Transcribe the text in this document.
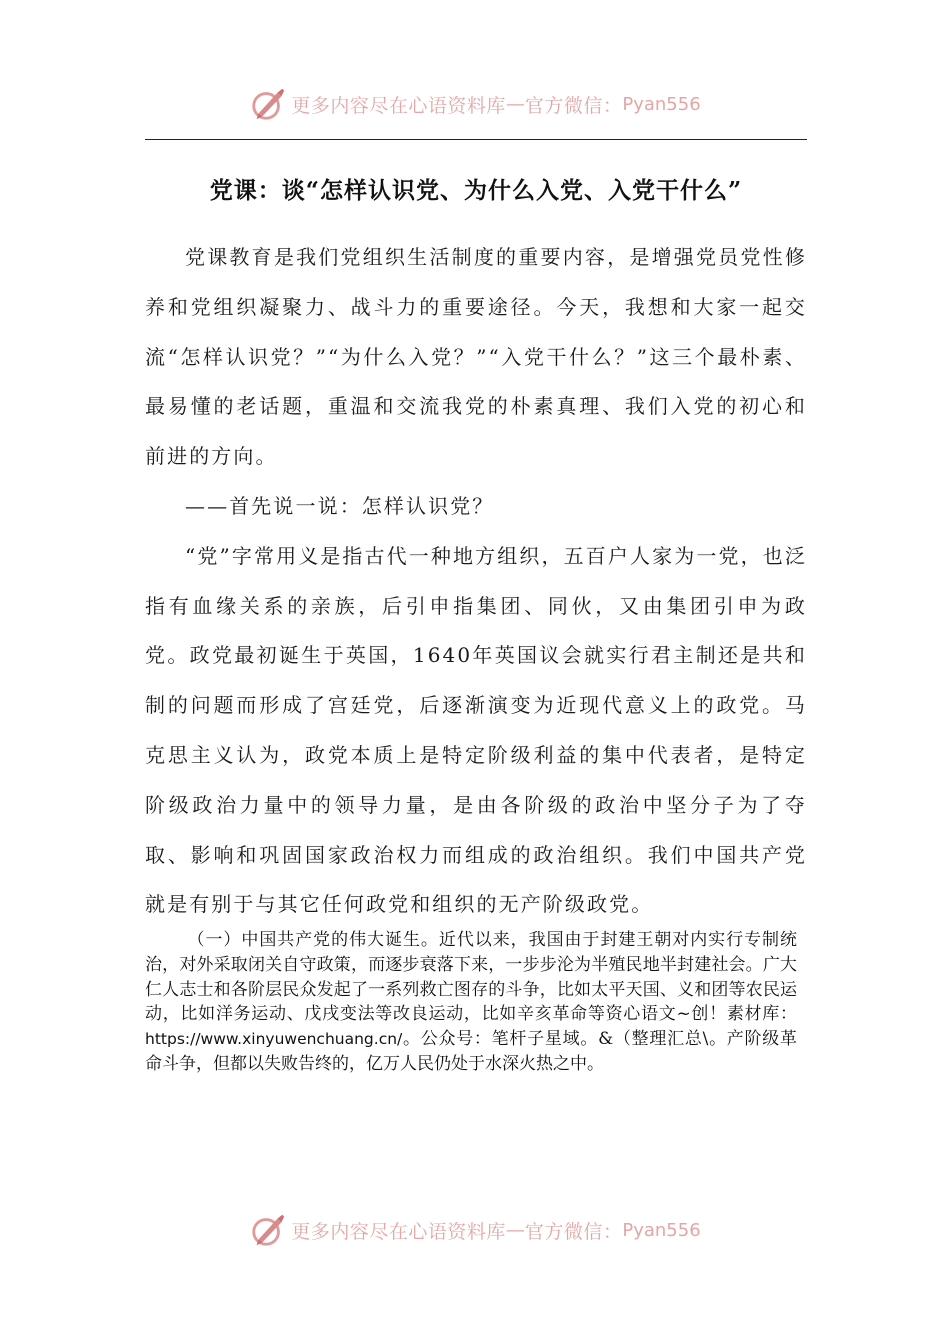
更多内容尽在心语资料库 — 官方微信： Pyan556
党课：谈“怎样认识党、为什么入党、入党干什么”

党课教育是我们党组织生活制度的重要内容，是增强党员党性修养和党组织凝聚力、战斗力的重要途径。今天，我想和大家一起交流“怎样认识党？”“为什么入党？”“入党干什么？”这三个最朴素、最易懂的老话题，重温和交流我党的朴素真理、我们入党的初心和前进的方向。

——首先说一说：怎样认识党？

“党”字常用义是指古代一种地方组织，五百户人家为一党，也泛指有血缘关系的亲族，后引申指集团、同伙，又由集团引申为政党。政党最初诞生于英国，1640年英国议会就实行君主制还是共和制的问题而形成了宫廷党，后逐渐演变为近现代意义上的政党。马克思主义认为，政党本质上是特定阶级利益的集中代表者，是特定阶级政治力量中的领导力量，是由各阶级的政治中坚分子为了夺取、影响和巩固国家政治权力而组成的政治组织。我们中国共产党就是有别于与其它任何政党和组织的无产阶级政党。

（一）中国共产党的伟大诞生。近代以来，我国由于封建王朝对内实行专制统治，对外采取闭关自守政策，而逐步衰落下来，一步步沦为半殖民地半封建社会。广大仁人志士和各阶层民众发起了一系列救亡图存的斗争，比如太平天国、义和团等农民运动，比如洋务运动、戊戌变法等改良运动，比如辛亥革命等资心语文~创！素材库：https://www.xinyuwenchuang.cn/。公众号：笔杆子星域。&（整理汇总\。产阶级革命斗争，但都以失败告终的，亿万人民仍处于水深火热之中。

更多内容尽在心语资料库 — 官方微信： Pyan556
